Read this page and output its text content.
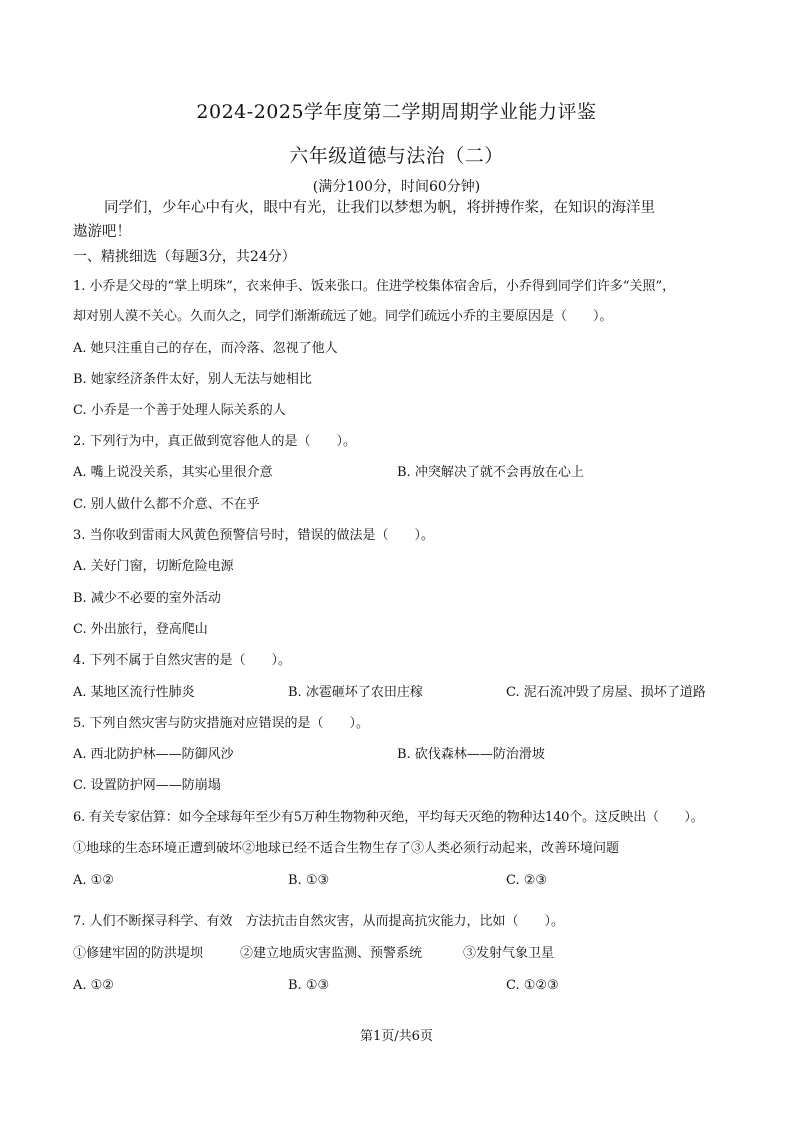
2024-2025学年度第二学期周期学业能力评鉴
六年级道德与法治（二）
(满分100分，时间60分钟)
同学们，少年心中有火，眼中有光，让我们以梦想为帆，将拼搏作桨，在知识的海洋里
遨游吧！
一、精挑细选（每题3分，共24分）
1. 小乔是父母的“掌上明珠”，衣来伸手、饭来张口。住进学校集体宿舍后，小乔得到同学们许多“关照”，
却对别人漠不关心。久而久之，同学们渐渐疏远了她。同学们疏远小乔的主要原因是（　　）。
A. 她只注重自己的存在，而冷落、忽视了他人
B. 她家经济条件太好，别人无法与她相比
C. 小乔是一个善于处理人际关系的人
2. 下列行为中，真正做到宽容他人的是（　　）。
A. 嘴上说没关系，其实心里很介意	B. 冲突解决了就不会再放在心上
C. 别人做什么都不介意、不在乎
3. 当你收到雷雨大风黄色预警信号时，错误的做法是（　　）。
A. 关好门窗，切断危险电源
B. 减少不必要的室外活动
C. 外出旅行，登高爬山
4. 下列不属于自然灾害的是（　　）。
A. 某地区流行性肺炎	B. 冰雹砸坏了农田庄稼	C. 泥石流冲毁了房屋、损坏了道路
5. 下列自然灾害与防灾措施对应错误的是（　　）。
A. 西北防护林——防御风沙	B. 砍伐森林——防治滑坡
C. 设置防护网——防崩塌
6. 有关专家估算：如今全球每年至少有5万种生物物种灭绝，平均每天灭绝的物种达140个。这反映出（　　）。
①地球的生态环境正遭到破坏②地球已经不适合生物生存了③人类必须行动起来，改善环境问题
A. ①②	B. ①③	C. ②③
7. 人们不断探寻科学、有效　方法抗击自然灾害，从而提高抗灾能力，比如（　　）。
①修建牢固的防洪堤坝	②建立地质灾害监测、预警系统	③发射气象卫星
A. ①②	B. ①③	C. ①②③
第1页/共6页
